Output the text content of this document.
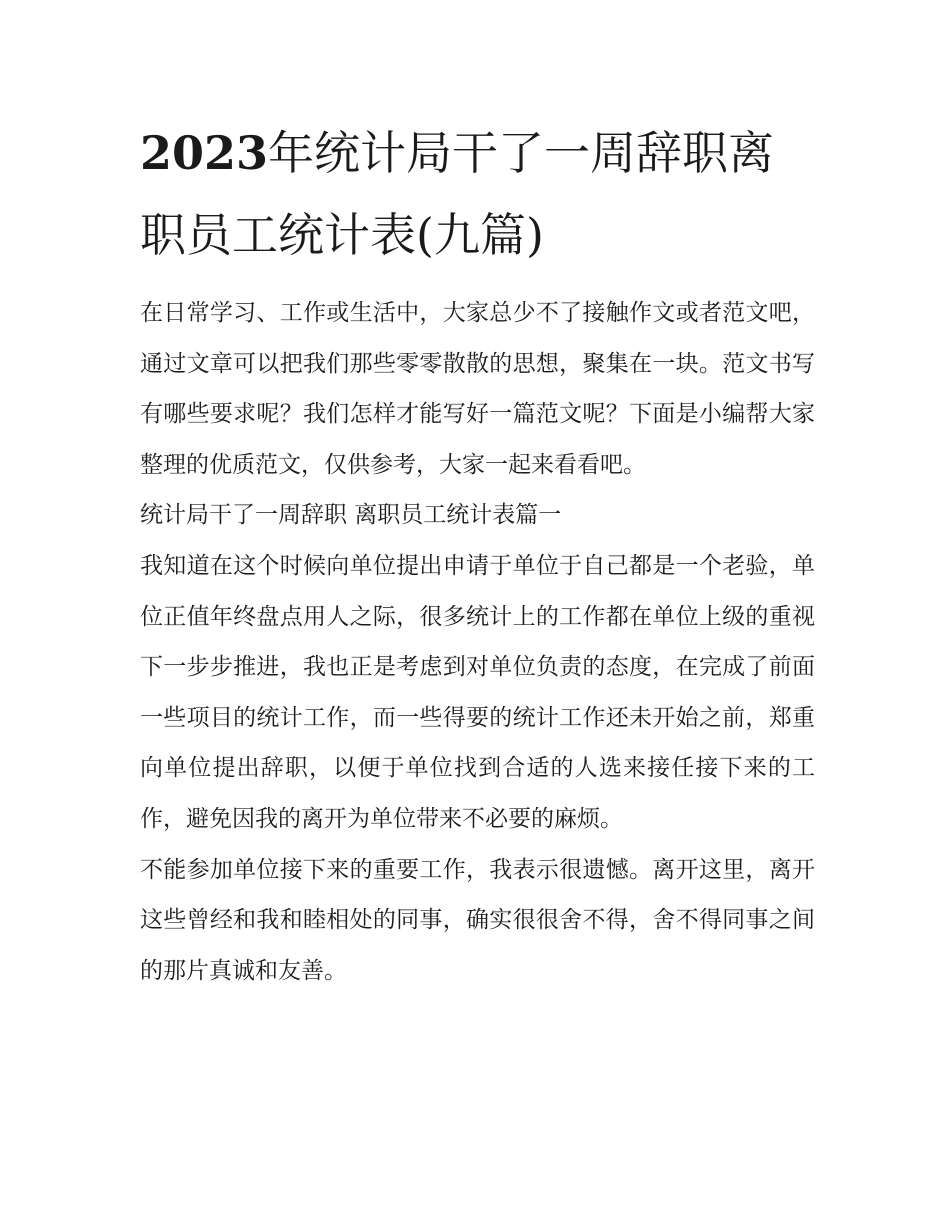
2023年统计局干了一周辞职离职员工统计表(九篇)

在日常学习、工作或生活中，大家总少不了接触作文或者范文吧，通过文章可以把我们那些零零散散的思想，聚集在一块。范文书写有哪些要求呢？我们怎样才能写好一篇范文呢？下面是小编帮大家整理的优质范文，仅供参考，大家一起来看看吧。

统计局干了一周辞职 离职员工统计表篇一

我知道在这个时候向单位提出申请于单位于自己都是一个老验，单位正值年终盘点用人之际，很多统计上的工作都在单位上级的重视下一步步推进，我也正是考虑到对单位负责的态度，在完成了前面一些项目的统计工作，而一些得要的统计工作还未开始之前，郑重向单位提出辞职，以便于单位找到合适的人选来接任接下来的工作，避免因我的离开为单位带来不必要的麻烦。

不能参加单位接下来的重要工作，我表示很遗憾。离开这里，离开这些曾经和我和睦相处的同事，确实很很舍不得，舍不得同事之间的那片真诚和友善。
